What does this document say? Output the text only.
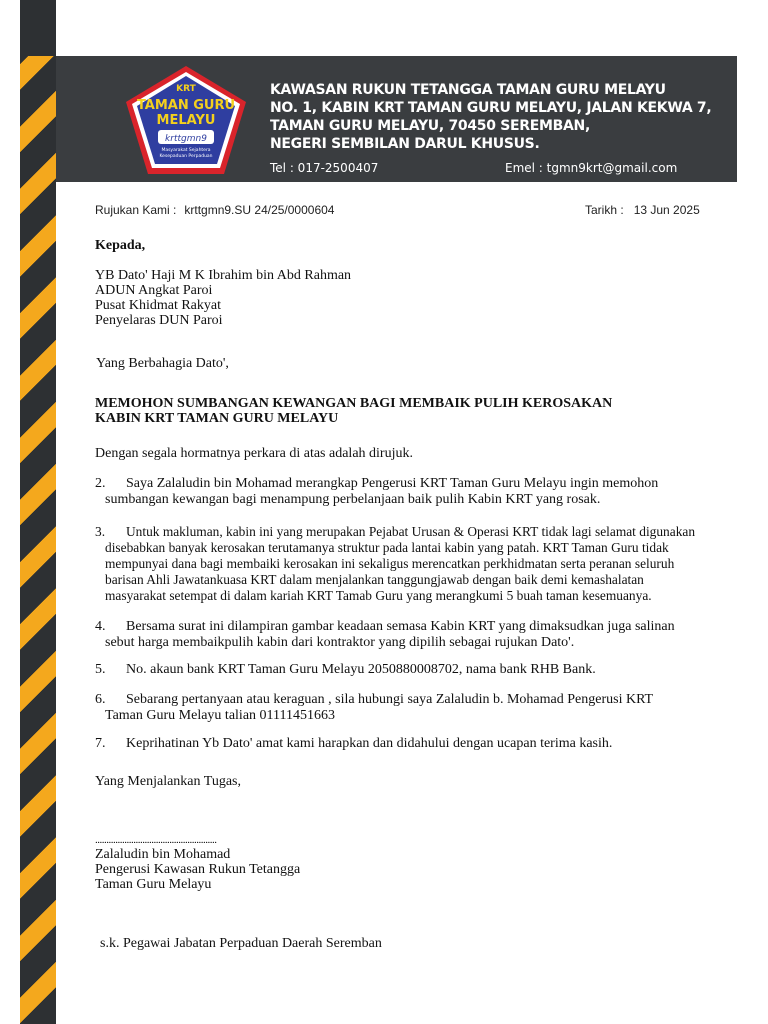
KRT
TAMAN GURU
MELAYU
krttgmn9
Masyarakat Sejahtera
Kesepaduan Perpaduan
KAWASAN RUKUN TETANGGA TAMAN GURU MELAYU
NO. 1, KABIN KRT TAMAN GURU MELAYU, JALAN KEKWA 7,
TAMAN GURU MELAYU, 70450 SEREMBAN,
NEGERI SEMBILAN DARUL KHUSUS.
Tel : 017-2500407	Emel : tgmn9krt@gmail.com
Rujukan Kami : krttgmn9.SU 24/25/0000604	Tarikh : 13 Jun 2025
Kepada,
YB Dato' Haji M K Ibrahim bin Abd Rahman
ADUN Angkat Paroi
Pusat Khidmat Rakyat
Penyelaras DUN Paroi
Yang Berbahagia Dato',
MEMOHON SUMBANGAN KEWANGAN BAGI MEMBAIK PULIH KEROSAKAN
KABIN KRT TAMAN GURU MELAYU
Dengan segala hormatnya perkara di atas adalah dirujuk.
2. Saya Zalaludin bin Mohamad merangkap Pengerusi KRT Taman Guru Melayu ingin memohon
sumbangan kewangan bagi menampung perbelanjaan baik pulih Kabin KRT yang rosak.
3. Untuk makluman, kabin ini yang merupakan Pejabat Urusan & Operasi KRT tidak lagi selamat digunakan
disebabkan banyak kerosakan terutamanya struktur pada lantai kabin yang patah. KRT Taman Guru tidak
mempunyai dana bagi membaiki kerosakan ini sekaligus merencatkan perkhidmatan serta peranan seluruh
barisan Ahli Jawatankuasa KRT dalam menjalankan tanggungjawab dengan baik demi kemashalatan
masyarakat setempat di dalam kariah KRT Tamab Guru yang merangkumi 5 buah taman kesemuanya.
4. Bersama surat ini dilampiran gambar keadaan semasa Kabin KRT yang dimaksudkan juga salinan
sebut harga membaikpulih kabin dari kontraktor yang dipilih sebagai rujukan Dato'.
5. No. akaun bank KRT Taman Guru Melayu 2050880008702, nama bank RHB Bank.
6. Sebarang pertanyaan atau keraguan , sila hubungi saya Zalaludin b. Mohamad Pengerusi KRT
Taman Guru Melayu talian 01111451663
7. Keprihatinan Yb Dato' amat kami harapkan dan didahului dengan ucapan terima kasih.
Yang Menjalankan Tugas,
......................................................
Zalaludin bin Mohamad
Pengerusi Kawasan Rukun Tetangga
Taman Guru Melayu
s.k. Pegawai Jabatan Perpaduan Daerah Seremban
